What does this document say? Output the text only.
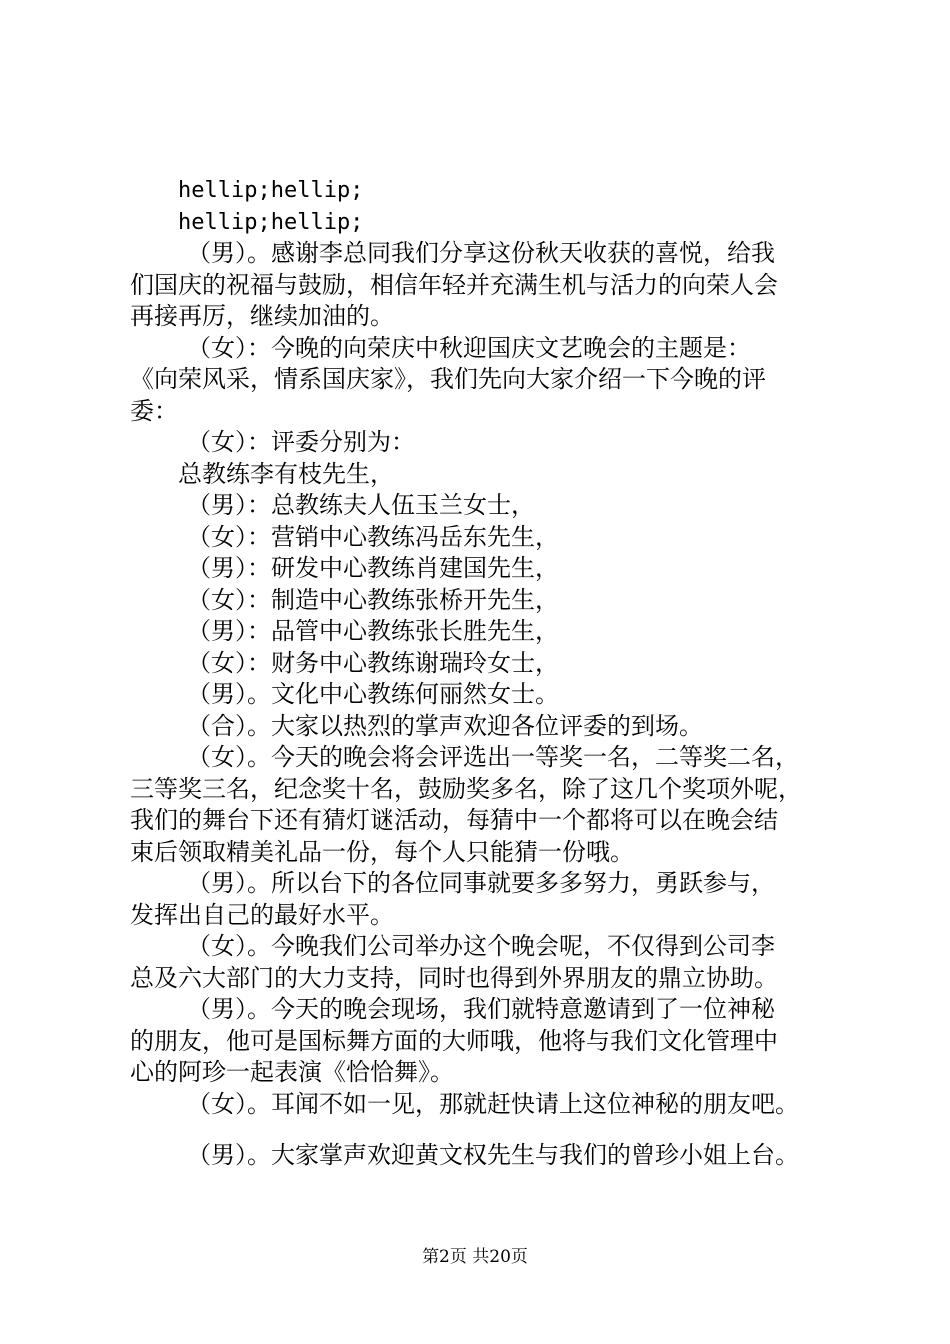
hellip;hellip;
hellip;hellip;
（男）。感谢李总同我们分享这份秋天收获的喜悦，给我
们国庆的祝福与鼓励，相信年轻并充满生机与活力的向荣人会
再接再厉，继续加油的。
（女）：今晚的向荣庆中秋迎国庆文艺晚会的主题是：
《向荣风采，情系国庆家》，我们先向大家介绍一下今晚的评
委：
（女）：评委分别为：
总教练李有枝先生，
（男）：总教练夫人伍玉兰女士，
（女）：营销中心教练冯岳东先生，
（男）：研发中心教练肖建国先生，
（女）：制造中心教练张桥开先生，
（男）：品管中心教练张长胜先生，
（女）：财务中心教练谢瑞玲女士，
（男）。文化中心教练何丽然女士。
（合）。大家以热烈的掌声欢迎各位评委的到场。
（女）。今天的晚会将会评选出一等奖一名，二等奖二名，
三等奖三名，纪念奖十名，鼓励奖多名，除了这几个奖项外呢，
我们的舞台下还有猜灯谜活动，每猜中一个都将可以在晚会结
束后领取精美礼品一份，每个人只能猜一份哦。
（男）。所以台下的各位同事就要多多努力，勇跃参与，
发挥出自己的最好水平。
（女）。今晚我们公司举办这个晚会呢，不仅得到公司李
总及六大部门的大力支持，同时也得到外界朋友的鼎立协助。
（男）。今天的晚会现场，我们就特意邀请到了一位神秘
的朋友，他可是国标舞方面的大师哦，他将与我们文化管理中
心的阿珍一起表演《恰恰舞》。
（女）。耳闻不如一见，那就赶快请上这位神秘的朋友吧。
（男）。大家掌声欢迎黄文权先生与我们的曾珍小姐上台。
第2页 共20页
